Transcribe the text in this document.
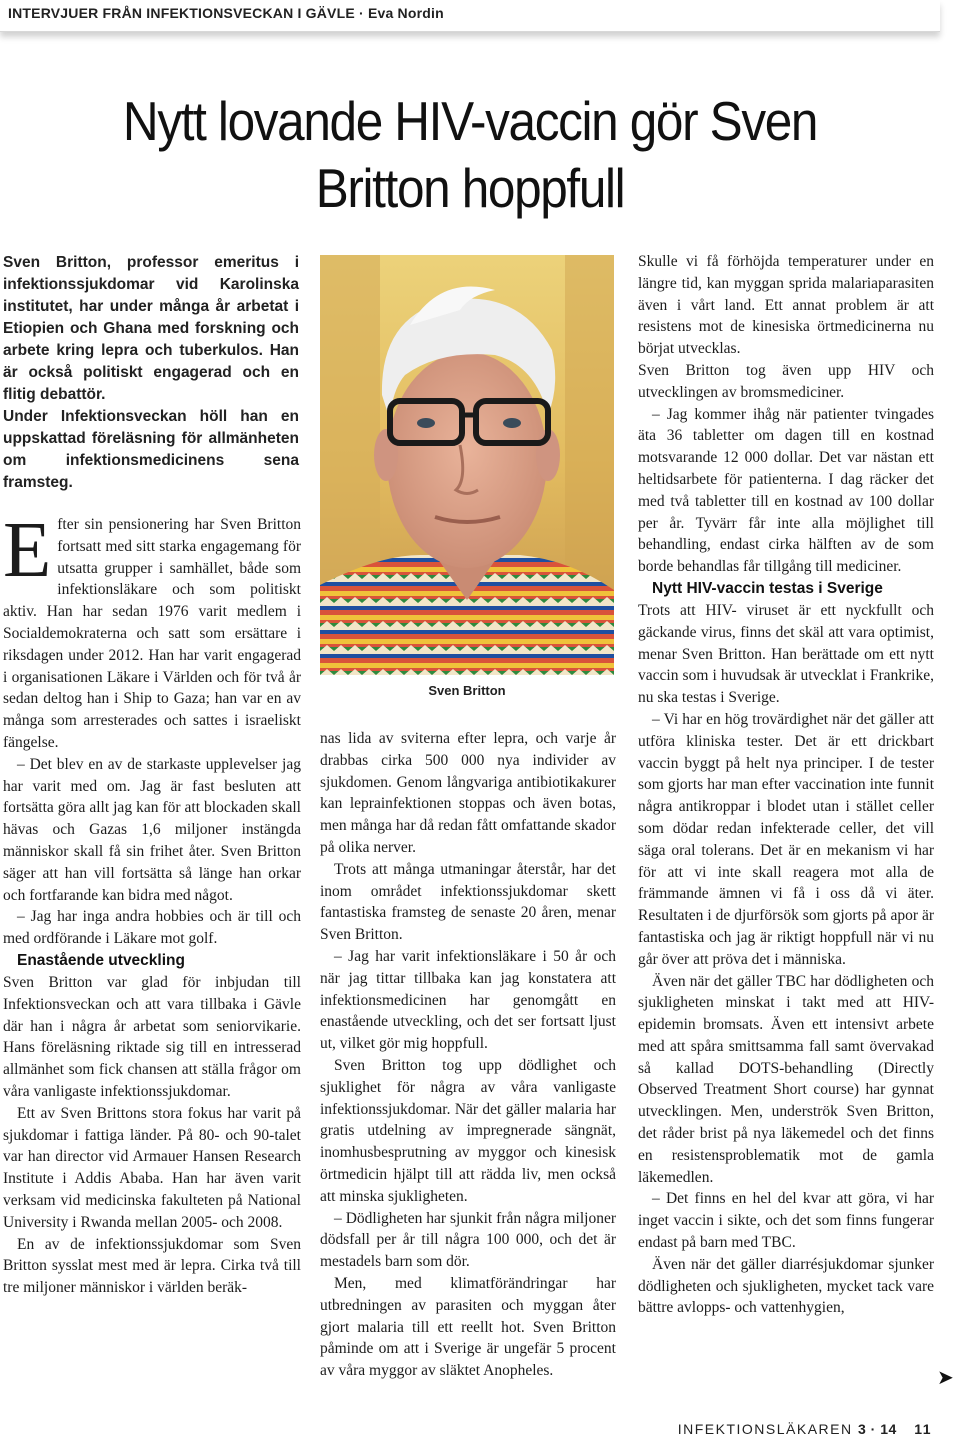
INTERVJUER FRÅN INFEKTIONSVECKAN I GÄVLE · Eva Nordin
Nytt lovande HIV-vaccin gör Sven
Britton hoppfull

Sven Britton, professor emeritus i infektionssjukdomar vid Karolinska institutet, har under många år arbetat i Etiopien och Ghana med forskning och arbete kring lepra och tuberkulos. Han är också politiskt engagerad och en flitig debattör.

Under Infektionsveckan höll han en uppskattad föreläsning för allmänheten om infektionsmedicinens sena framsteg.

Efter sin pensionering har Sven Britton fortsatt med sitt starka engagemang för utsatta grupper i samhället, både som infektionsläkare och som politiskt aktiv. Han har sedan 1976 varit medlem i Socialdemokraterna och satt som ersättare i riksdagen under 2012. Han har varit engagerad i organisationen Läkare i Världen och för två år sedan deltog han i Ship to Gaza; han var en av många som arresterades och sattes i israeliskt fängelse.

– Det blev en av de starkaste upplevelser jag har varit med om. Jag är fast besluten att fortsätta göra allt jag kan för att blockaden skall hävas och Gazas 1,6 miljoner instängda människor skall få sin frihet åter. Sven Britton säger att han vill fortsätta så länge han orkar och fortfarande kan bidra med något.

– Jag har inga andra hobbies och är till och med ordförande i Läkare mot golf.

Enastående utveckling

Sven Britton var glad för inbjudan till Infektionsveckan och att vara tillbaka i Gävle där han i några år arbetat som seniorvikarie. Hans föreläsning riktade sig till en intresserad allmänhet som fick chansen att ställa frågor om våra vanligaste infektionssjukdomar.

Ett av Sven Brittons stora fokus har varit på sjukdomar i fattiga länder. På 80- och 90-talet var han director vid Armauer Hansen Research Institute i Addis Ababa. Han har även varit verksam vid medicinska fakulteten på National University i Rwanda mellan 2005- och 2008.

En av de infektionssjukdomar som Sven Britton sysslat mest med är lepra. Cirka två till tre miljoner människor i världen beräk-

Sven Britton

nas lida av sviterna efter lepra, och varje år drabbas cirka 500 000 nya individer av sjukdomen. Genom långvariga antibiotikakurer kan leprainfektionen stoppas och även botas, men många har då redan fått omfattande skador på olika nerver.

Trots att många utmaningar återstår, har det inom området infektionssjukdomar skett fantastiska framsteg de senaste 20 åren, menar Sven Britton.

– Jag har varit infektionsläkare i 50 år och när jag tittar tillbaka kan jag konstatera att infektionsmedicinen har genomgått en enastående utveckling, och det ser fortsatt ljust ut, vilket gör mig hoppfull.

Sven Britton tog upp dödlighet och sjuklighet för några av våra vanligaste infektionssjukdomar. När det gäller malaria har gratis utdelning av impregnerade sängnät, inomhusbesprutning av myggor och kinesisk örtmedicin hjälpt till att rädda liv, men också att minska sjukligheten.

– Dödligheten har sjunkit från några miljoner dödsfall per år till några 100 000, och det är mestadels barn som dör.

Men, med klimatförändringar har utbredningen av parasiten och myggan åter gjort malaria till ett reellt hot. Sven Britton påminde om att i Sverige är ungefär 5 procent av våra myggor av släktet Anopheles.

Skulle vi få förhöjda temperaturer under en längre tid, kan myggan sprida malariaparasiten även i vårt land. Ett annat problem är att resistens mot de kinesiska örtmedicinerna nu börjat utvecklas.

Sven Britton tog även upp HIV och utvecklingen av bromsmediciner.

– Jag kommer ihåg när patienter tvingades äta 36 tabletter om dagen till en kostnad motsvarande 12 000 dollar. Det var nästan ett heltidsarbete för patienterna. I dag räcker det med två tabletter till en kostnad av 100 dollar per år. Tyvärr får inte alla möjlighet till behandling, endast cirka hälften av de som borde behandlas får tillgång till mediciner.

Nytt HIV-vaccin testas i Sverige

Trots att HIV- viruset är ett nyckfullt och gäckande virus, finns det skäl att vara optimist, menar Sven Britton. Han berättade om ett nytt vaccin som i huvudsak är utvecklat i Frankrike, nu ska testas i Sverige.

– Vi har en hög trovärdighet när det gäller att utföra kliniska tester. Det är ett drickbart vaccin byggt på helt nya principer. I de tester som gjorts har man efter vaccination inte funnit några antikroppar i blodet utan i stället celler som dödar redan infekterade celler, det vill säga oral tolerans. Det är en mekanism vi har för att vi inte skall reagera mot alla de främmande ämnen vi få i oss då vi äter. Resultaten i de djurförsök som gjorts på apor är fantastiska och jag är riktigt hoppfull när vi nu går över att pröva det i människa.

Även när det gäller TBC har dödligheten och sjukligheten minskat i takt med att HIV- epidemin bromsats. Även ett intensivt arbete med att spåra smittsamma fall samt övervakad så kallad DOTS-behandling (Directly Observed Treatment Short course) har gynnat utvecklingen. Men, underströk Sven Britton, det råder brist på nya läkemedel och det finns en resistensproblematik mot de gamla läkemedlen.

– Det finns en hel del kvar att göra, vi har inget vaccin i sikte, och det som finns fungerar endast på barn med TBC.

Även när det gäller diarrésjukdomar sjunker dödligheten och sjukligheten, mycket tack vare bättre avlopps- och vattenhygien,

➤
INFEKTIONSLÄKAREN 3 · 14 11
